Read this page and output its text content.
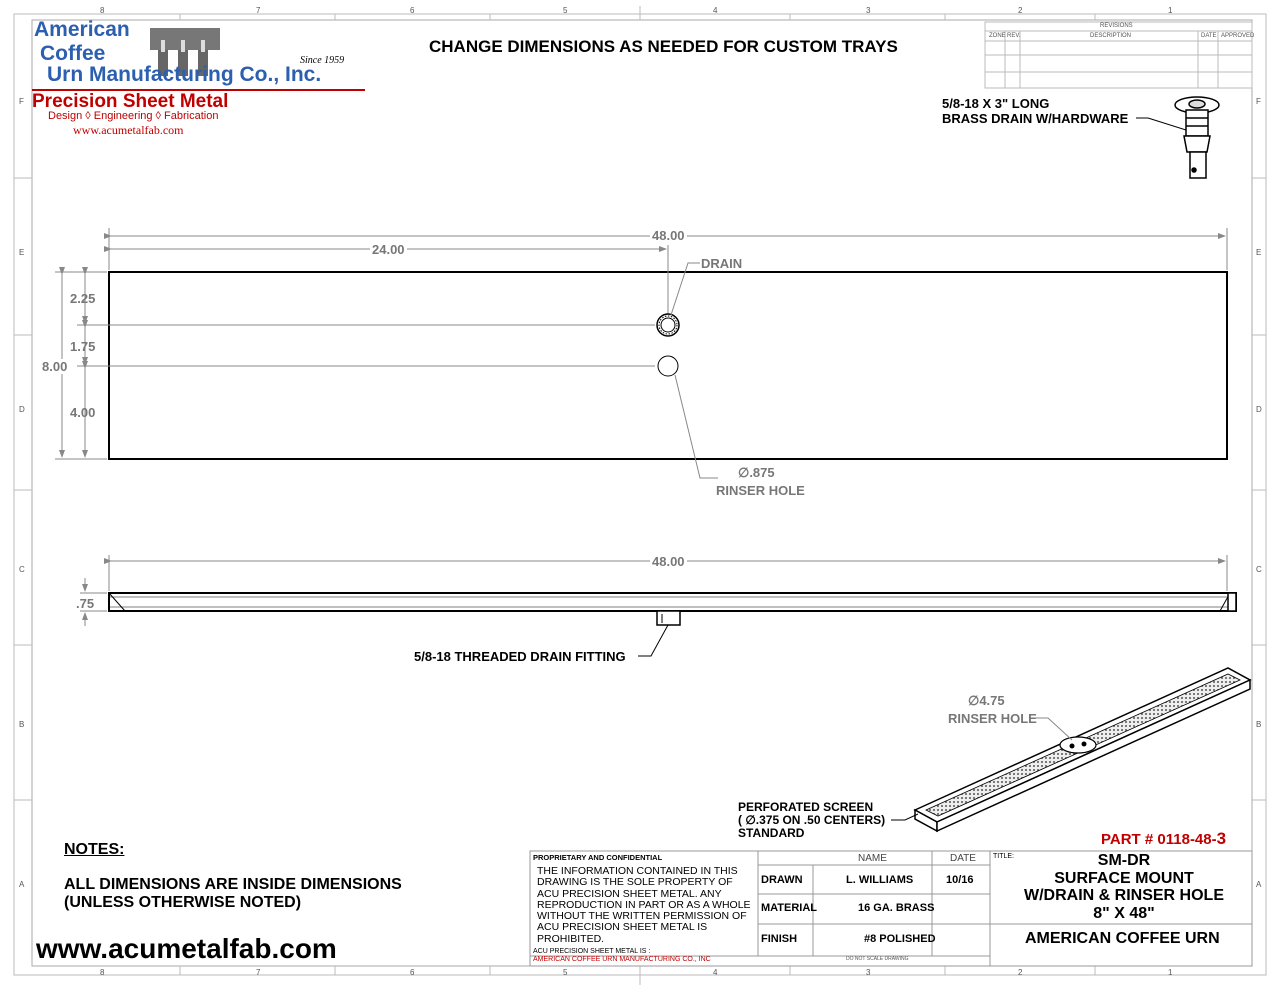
8	7	6	5	4	3	2	1
8	7	6	5	4	3	2	1
F
E
D
C
B
A
F
E
D
C
B
A
American
Coffee
Urn Manufacturing Co., Inc.
Since 1959
Precision Sheet Metal
Design ◊ Engineering ◊ Fabrication
www.acumetalfab.com
CHANGE DIMENSIONS AS NEEDED FOR CUSTOM TRAYS
REVISIONS
ZONE REV.	DESCRIPTION	DATE APPROVED
5/8-18 X 3" LONG
BRASS DRAIN W/HARDWARE
48.00
24.00
2.25
1.75
8.00
4.00
DRAIN
∅.875
RINSER HOLE
48.00
.75
5/8-18 THREADED DRAIN FITTING
∅4.75
RINSER HOLE
PERFORATED SCREEN
( ∅.375 ON .50 CENTERS)
STANDARD	PART # 0118-48-3
NOTES:
ALL DIMENSIONS ARE INSIDE DIMENSIONS
(UNLESS OTHERWISE NOTED)
www.acumetalfab.com
PROPRIETARY AND CONFIDENTIAL
THE INFORMATION CONTAINED IN THIS
DRAWING IS THE SOLE PROPERTY OF
ACU PRECISION SHEET METAL. ANY
REPRODUCTION IN PART OR AS A WHOLE
WITHOUT THE WRITTEN PERMISSION OF
ACU PRECISION SHEET METAL IS
PROHIBITED.
ACU PRECISION SHEET METAL IS :
AMERICAN COFFEE URN MANUFACTURING CO., INC
NAME	DATE
DRAWN	L. WILLIAMS	10/16
MATERIAL	16 GA. BRASS
FINISH	#8 POLISHED
DO NOT SCALE DRAWING
TITLE:	SM-DR
SURFACE MOUNT
W/DRAIN & RINSER HOLE
8" X 48"
AMERICAN COFFEE URN
